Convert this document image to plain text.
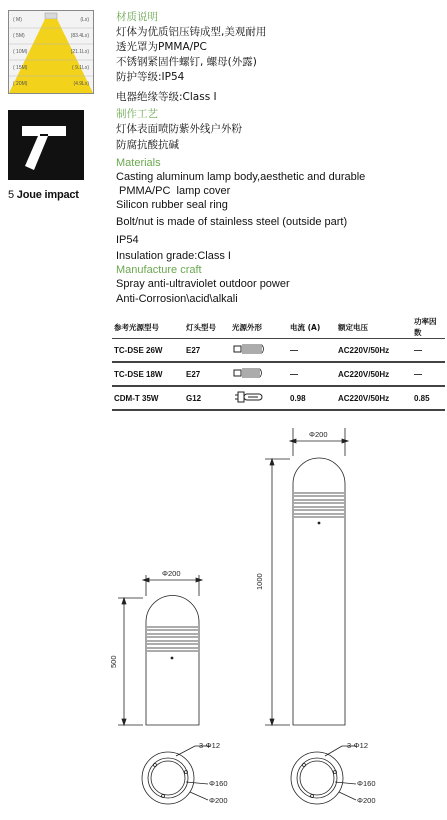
( M)	(Lx)
( 5M)	(83.4Lx)
( 10M)	(21.1Lx)
( 15M)	( 9.1Lx)
( 20M)	(4.9Lx)
5 Joue impact
材质说明
灯体为优质铝压铸成型,美观耐用
透光罩为PMMA/PC
不锈钢紧固件螺钉, 螺母(外露)
防护等级:IP54
电器绝缘等级:Class I
制作工艺
灯体表面喷防紫外线户外粉
防腐抗酸抗碱
Materials
Casting aluminum lamp body,aesthetic and durable
PMMA/PC  lamp cover
Silicon rubber seal ring
Bolt/nut is made of stainless steel (outside part)
IP54
Insulation grade:Class I
Manufacture craft
Spray anti-ultraviolet outdoor power
Anti-Corrosion\acid\alkali
参考光源型号	灯头型号	光源外形	电流 (A)	额定电压	功率因数
TC-DSE 26W	E27		—	AC220V/50Hz	—
TC-DSE 18W	E27		—	AC220V/50Hz	—
CDM-T 35W	G12		0.98	AC220V/50Hz	0.85
Φ200
1000
Φ200
500
3-Φ12
Φ160
Φ200
3-Φ12
Φ160
Φ200
